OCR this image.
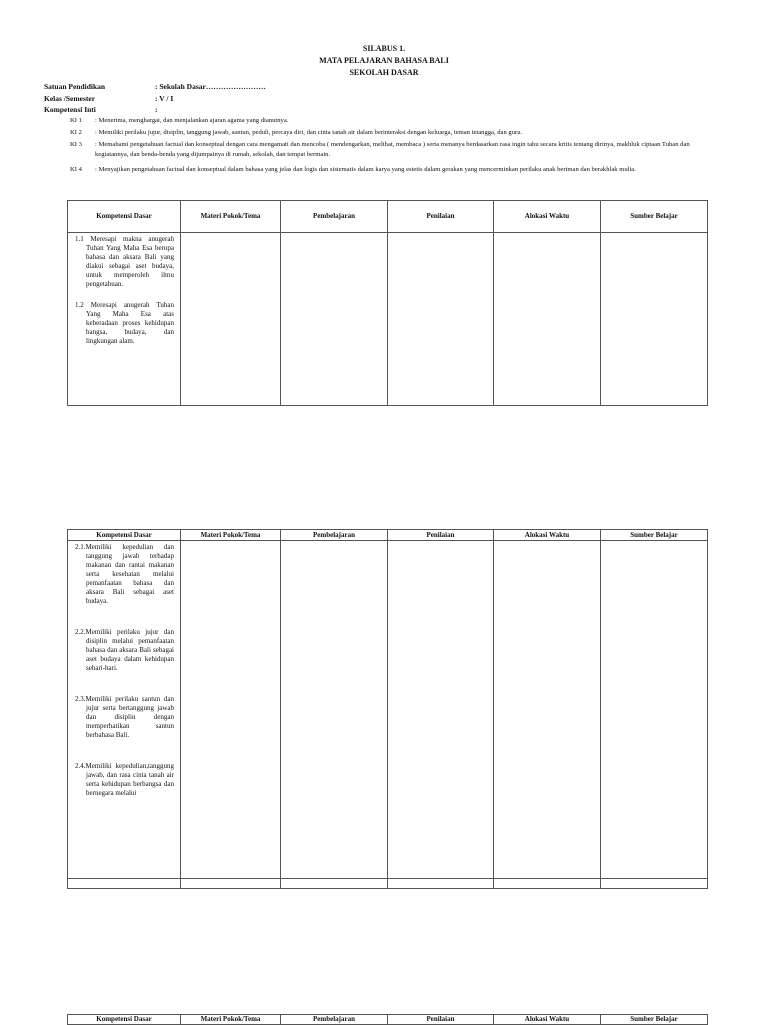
SILABUS 1.
MATA PELAJARAN BAHASA BALI
SEKOLAH DASAR
Satuan Pendidikan	: Sekolah Dasar……………………
Kelas /Semester	: V / I
Kompetensi Inti	:
KI 1 : Menerima, menghargai, dan menjalankan ajaran agama yang dianutnya.
KI 2 : Memiliki perilaku jujur, disiplin, tanggung jawab, santun, peduli, percaya diri, dan cinta tanah air dalam berinteraksi dengan keluarga, teman tetangga, dan guru.
KI 3 : Memahami pengetahuan factual dan konseptual dengan cara mengamati dan mencoba ( mendengarkan, melihat, membaca ) serta menanya berdasarkan rasa ingin tahu secara kritis tentang dirinya, makhluk ciptaan Tuhan dan kegiatannya, dan benda-benda yang dijumpainya di rumah, sekolah, dan tempat bermain.
KI 4 : Menyajikan pengetahuan factual dan konseptual dalam bahasa yang jelas dan logis dan sistematis dalam karya yang estetis dalam gerakan yang mencerminkan perilaku anak beriman dan berakhlak mulia.
Kompetensi Dasar	Materi Pokok/Tema	Pembelajaran	Penilaian	Alokasi Waktu	Sumber Belajar

1.1 Meresapi makna anugerah Tuhan Yang Maha Esa berupa bahasa dan aksara Bali yang diakui sebagai aset budaya, untuk memperoleh ilmu pengetahuan.

1.2 Meresapi anugerah Tuhan Yang Maha Esa atas keberadaan proses kehidupan bangsa, budaya, dan lingkungan alam.					

Kompetensi Dasar	Materi Pokok/Tema	Pembelajaran	Penilaian	Alokasi Waktu	Sumber Belajar

2.1.Memiliki kepedulian dan tanggung jawab terhadap makanan dan rantai makanan serta kesehatan melalui pemanfaatan bahasa dan aksara Bali sebagai aset budaya.

2.2.Memiliki perilaku jujur dan disiplin melalui pemanfaatan bahasa dan aksara Bali sebagai aset budaya dalam kehidupan sehari-hari.

2.3.Memiliki perilaku santun dan jujur serta bertanggung jawab dan disiplin dengan memperhatikan santun berbahasa Bali.

2.4.Memiliki kepedulian,tanggung jawab, dan rasa cinta tanah air serta kehidupan berbangsa dan bernegara melalui					

Kompetensi Dasar	Materi Pokok/Tema	Pembelajaran	Penilaian	Alokasi Waktu	Sumber Belajar
